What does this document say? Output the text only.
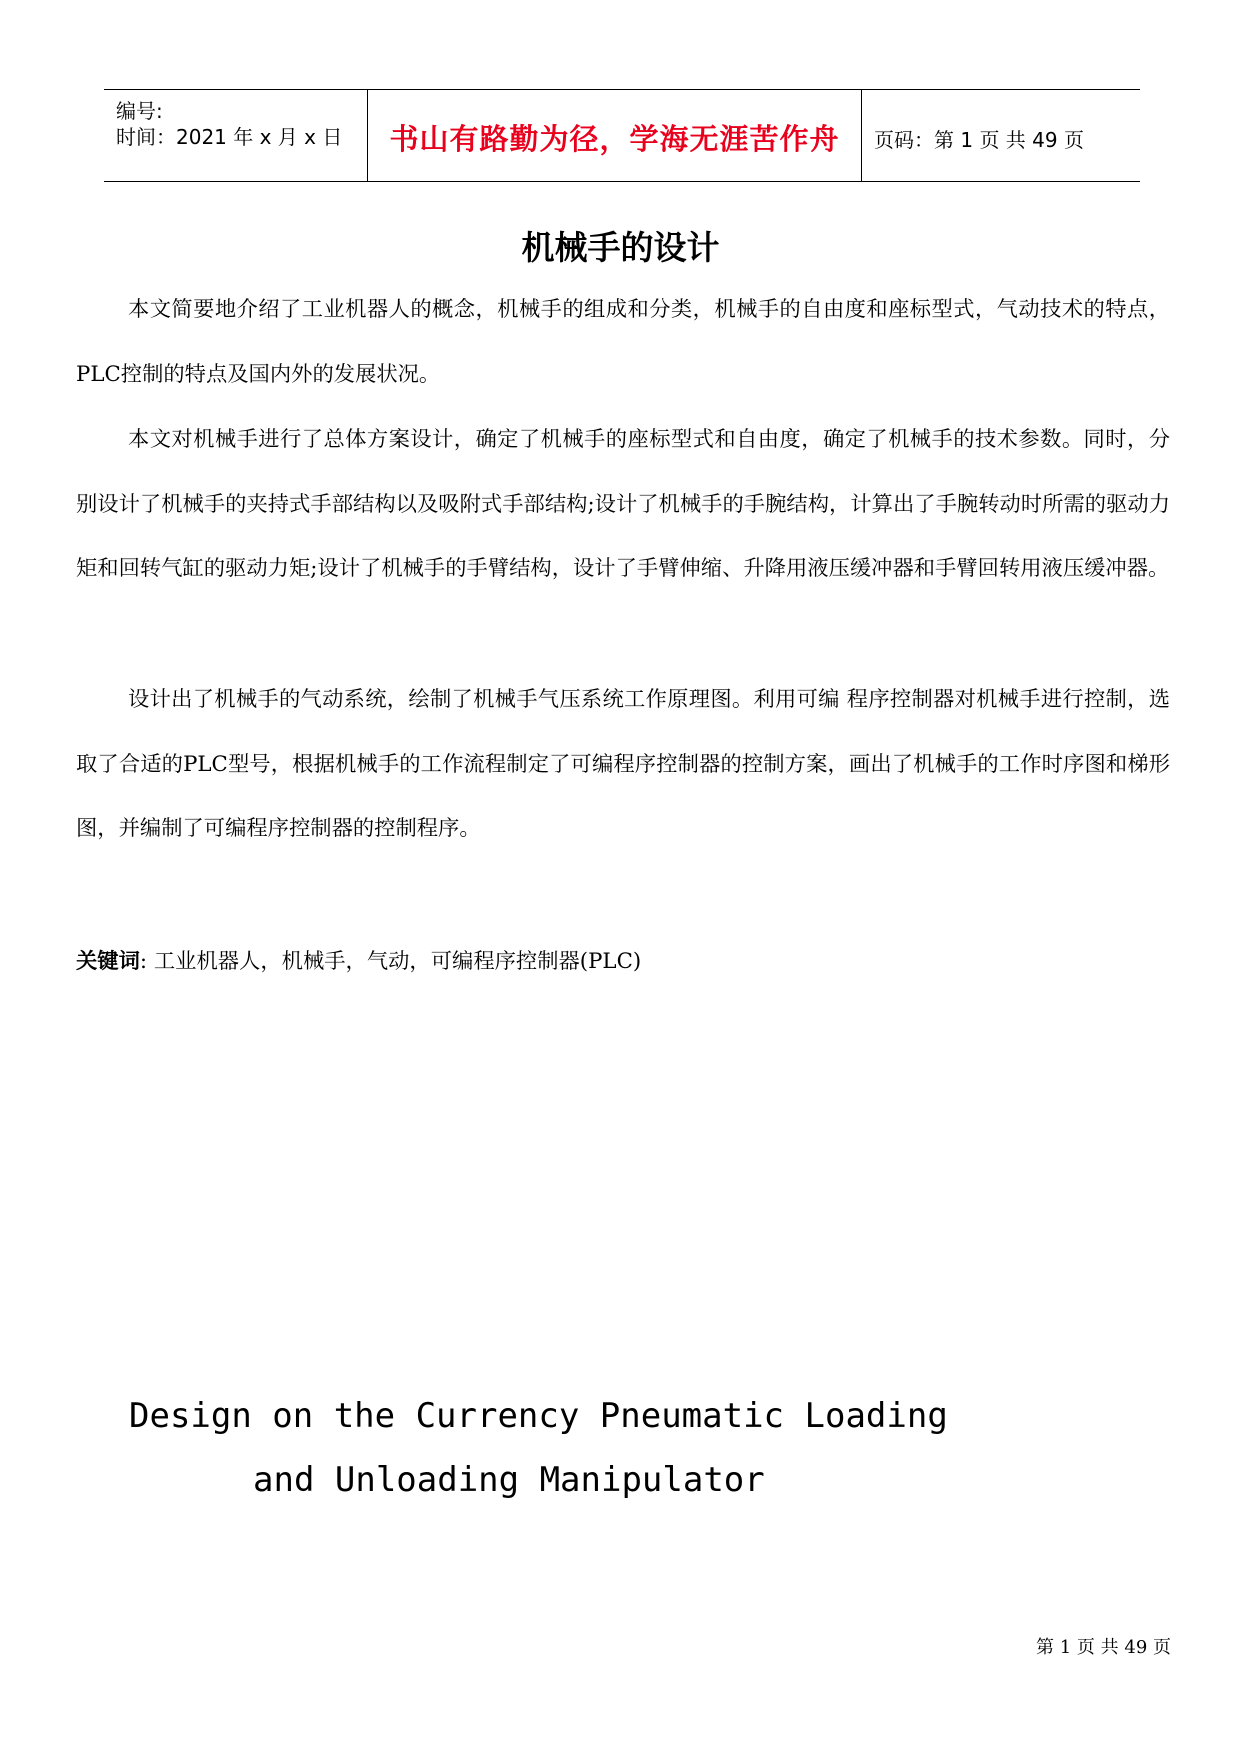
编号:
时间：2021 年 x 月 x 日	书山有路勤为径，学海无涯苦作舟	页码：第 1 页 共 49 页
机械手的设计

本文简要地介绍了工业机器人的概念，机械手的组成和分类，机械手的自由度和座标型式，气动技术的特点，PLC控制的特点及国内外的发展状况。

本文对机械手进行了总体方案设计，确定了机械手的座标型式和自由度，确定了机械手的技术参数。同时，分别设计了机械手的夹持式手部结构以及吸附式手部结构;设计了机械手的手腕结构，计算出了手腕转动时所需的驱动力矩和回转气缸的驱动力矩;设计了机械手的手臂结构，设计了手臂伸缩、升降用液压缓冲器和手臂回转用液压缓冲器。

设计出了机械手的气动系统，绘制了机械手气压系统工作原理图。利用可编 程序控制器对机械手进行控制，选取了合适的PLC型号，根据机械手的工作流程制定了可编程序控制器的控制方案，画出了机械手的工作时序图和梯形图，并编制了可编程序控制器的控制程序。

关键词: 工业机器人，机械手，气动，可编程序控制器(PLC)
Design on the Currency Pneumatic Loading
and Unloading Manipulator
第 1 页 共 49 页
